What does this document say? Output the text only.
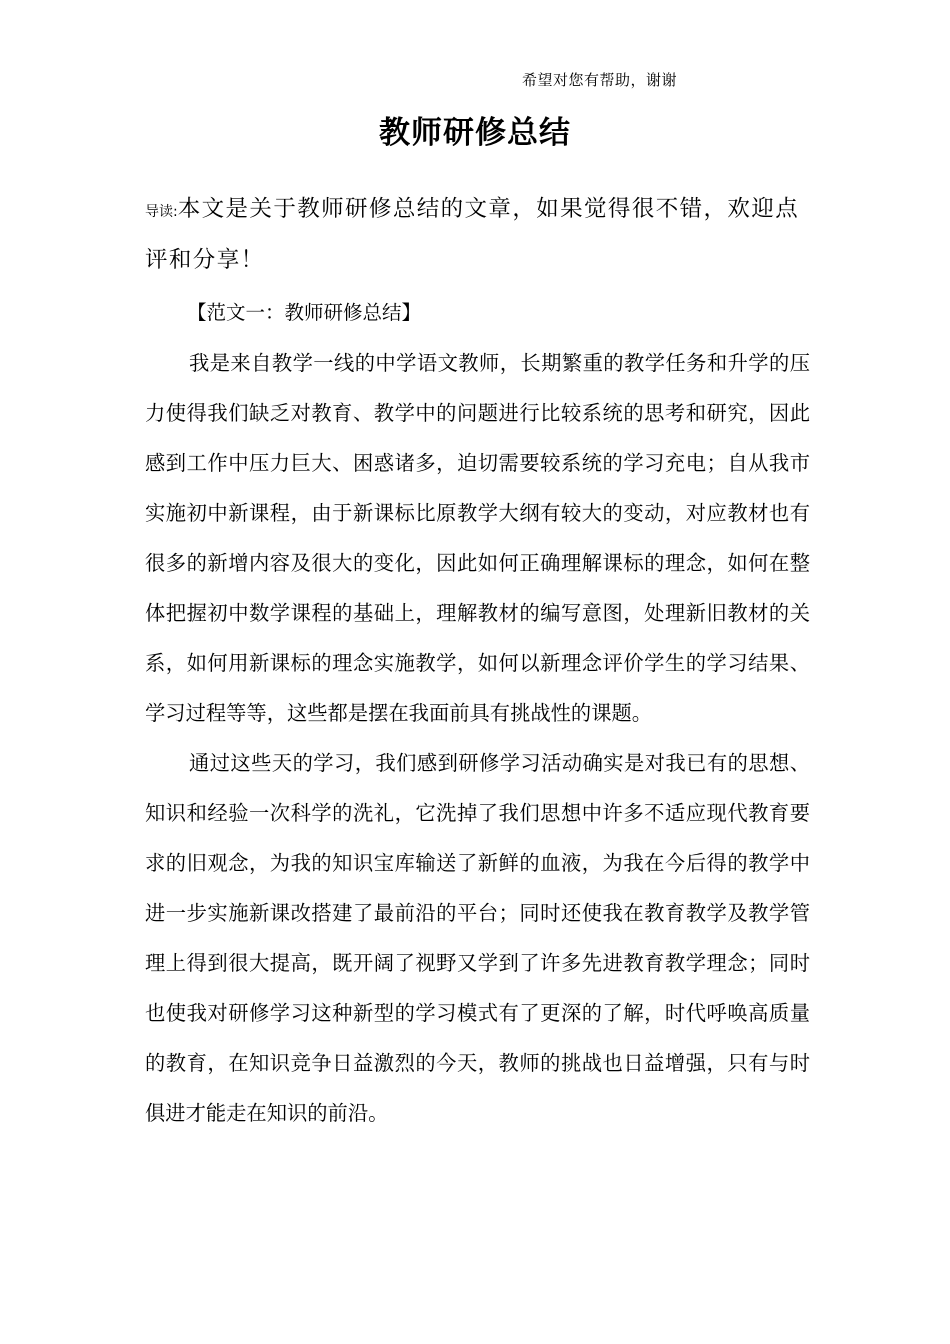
希望对您有帮助，谢谢
教师研修总结

导读:本文是关于教师研修总结的文章，如果觉得很不错，欢迎点评和分享！

【范文一：教师研修总结】

我是来自教学一线的中学语文教师，长期繁重的教学任务和升学的压力使得我们缺乏对教育、教学中的问题进行比较系统的思考和研究，因此感到工作中压力巨大、困惑诸多，迫切需要较系统的学习充电；自从我市实施初中新课程，由于新课标比原教学大纲有较大的变动，对应教材也有很多的新增内容及很大的变化，因此如何正确理解课标的理念，如何在整体把握初中数学课程的基础上，理解教材的编写意图，处理新旧教材的关系，如何用新课标的理念实施教学，如何以新理念评价学生的学习结果、学习过程等等，这些都是摆在我面前具有挑战性的课题。

通过这些天的学习，我们感到研修学习活动确实是对我已有的思想、知识和经验一次科学的洗礼，它洗掉了我们思想中许多不适应现代教育要求的旧观念，为我的知识宝库输送了新鲜的血液，为我在今后得的教学中进一步实施新课改搭建了最前沿的平台；同时还使我在教育教学及教学管理上得到很大提高，既开阔了视野又学到了许多先进教育教学理念；同时也使我对研修学习这种新型的学习模式有了更深的了解，时代呼唤高质量的教育，在知识竞争日益激烈的今天，教师的挑战也日益增强，只有与时俱进才能走在知识的前沿。
